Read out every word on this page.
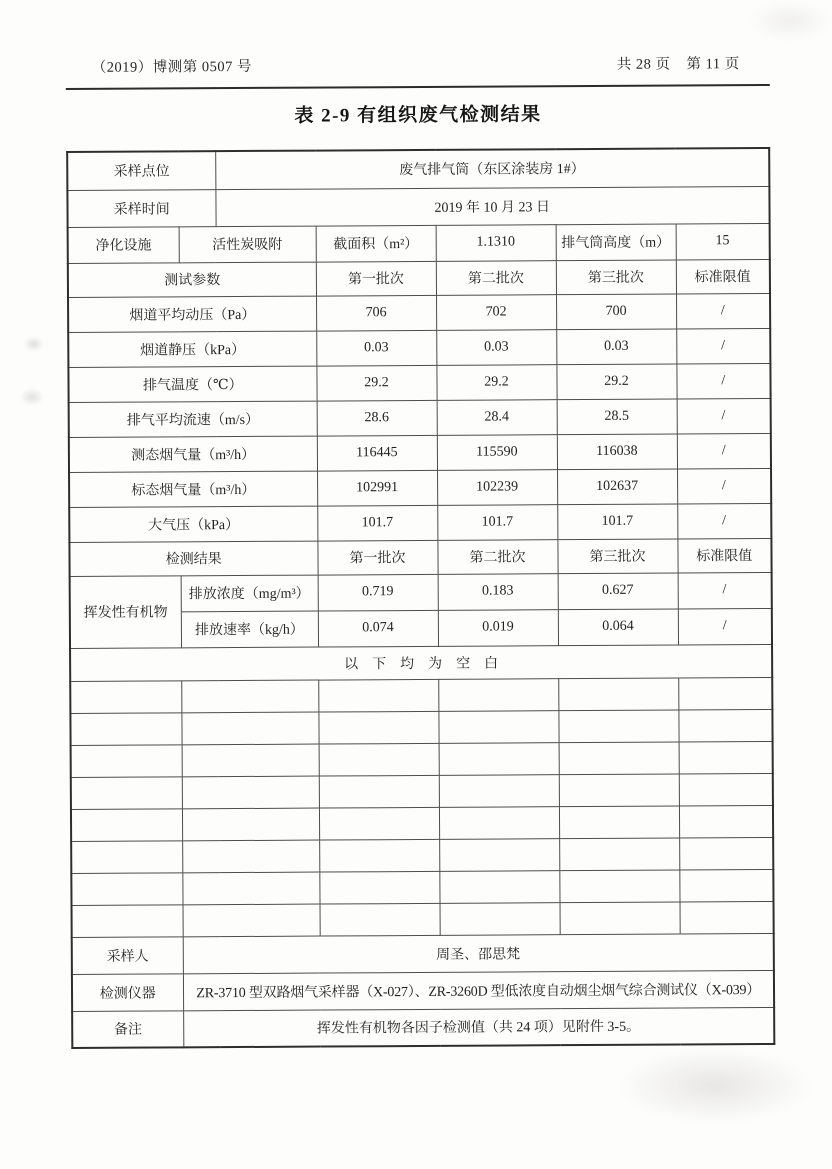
（2019）博测第 0507 号	共 28 页 第 11 页
表 2-9 有组织废气检测结果
采样点位		废气排气筒（东区涂装房 1#）				
采样时间		2019 年 10 月 23 日				
净化设施	活性炭吸附		截面积（m²）	1.1310	排气筒高度（m）	15
测试参数			第一批次	第二批次	第三批次	标准限值
烟道平均动压（Pa）			706	702	700	/
烟道静压（kPa）			0.03	0.03	0.03	/
排气温度（℃）			29.2	29.2	29.2	/
排气平均流速（m/s）			28.6	28.4	28.5	/
测态烟气量（m³/h）			116445	115590	116038	/
标态烟气量（m³/h）			102991	102239	102637	/
大气压（kPa）			101.7	101.7	101.7	/
检测结果			第一批次	第二批次	第三批次	标准限值
挥发性有机物	排放浓度（mg/m³）		0.719	0.183	0.627	/
	排放速率（kg/h）		0.074	0.019	0.064	/
以　下　均　为　空　白						

采样人	周圣、邵思梵					
检测仪器	ZR-3710 型双路烟气采样器（X-027）、ZR-3260D 型低浓度自动烟尘烟气综合测试仪（X-039）					
备注	挥发性有机物各因子检测值（共 24 项）见附件 3-5。					
